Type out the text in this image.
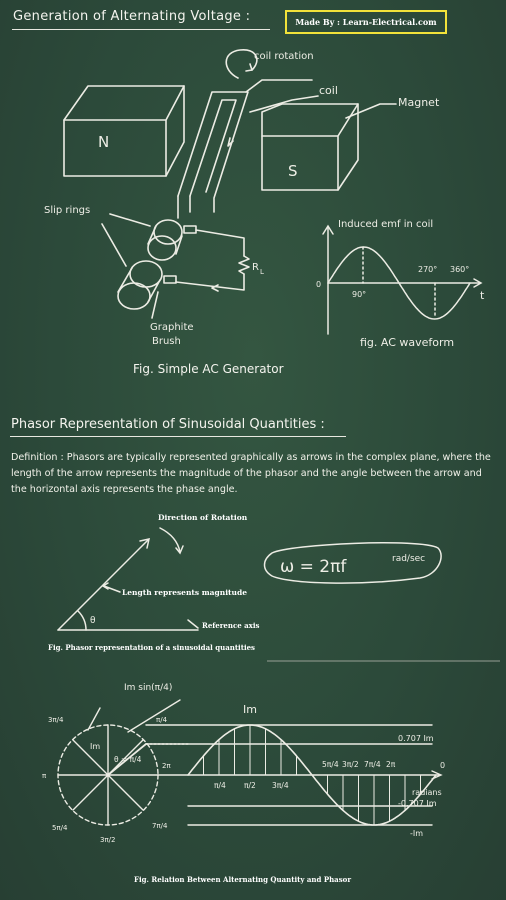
Generation of Alternating Voltage :	Made By : Learn-Electrical.com
coil rotation
coil
Magnet
N
S
Slip rings
R L
Graphite
Brush
Induced emf in coil
0
t
90°
270° 360°
fig. AC waveform
Fig. Simple AC Generator
Phasor Representation of Sinusoidal Quantities :
Definition : Phasors are typically represented graphically as arrows in the complex plane, where the length of the arrow represents the magnitude of the phasor and the angle between the arrow and the horizontal axis represents the phase angle.
Direction of Rotation
Length represents magnitude
θ	Reference axis
Fig. Phasor representation of a sinusoidal quantities
ω = 2πf	rad/sec
Im sin(π/4)
Im
Im
θ = π/4
0.707 Im
-0.707 Im
-Im
radians
0
3π/4	π/4
π
2π
5π/4	7π/4
3π/2
π/4 π/2 3π/4
5π/4 3π/2 7π/4 2π
Fig. Relation Between Alternating Quantity and Phasor
